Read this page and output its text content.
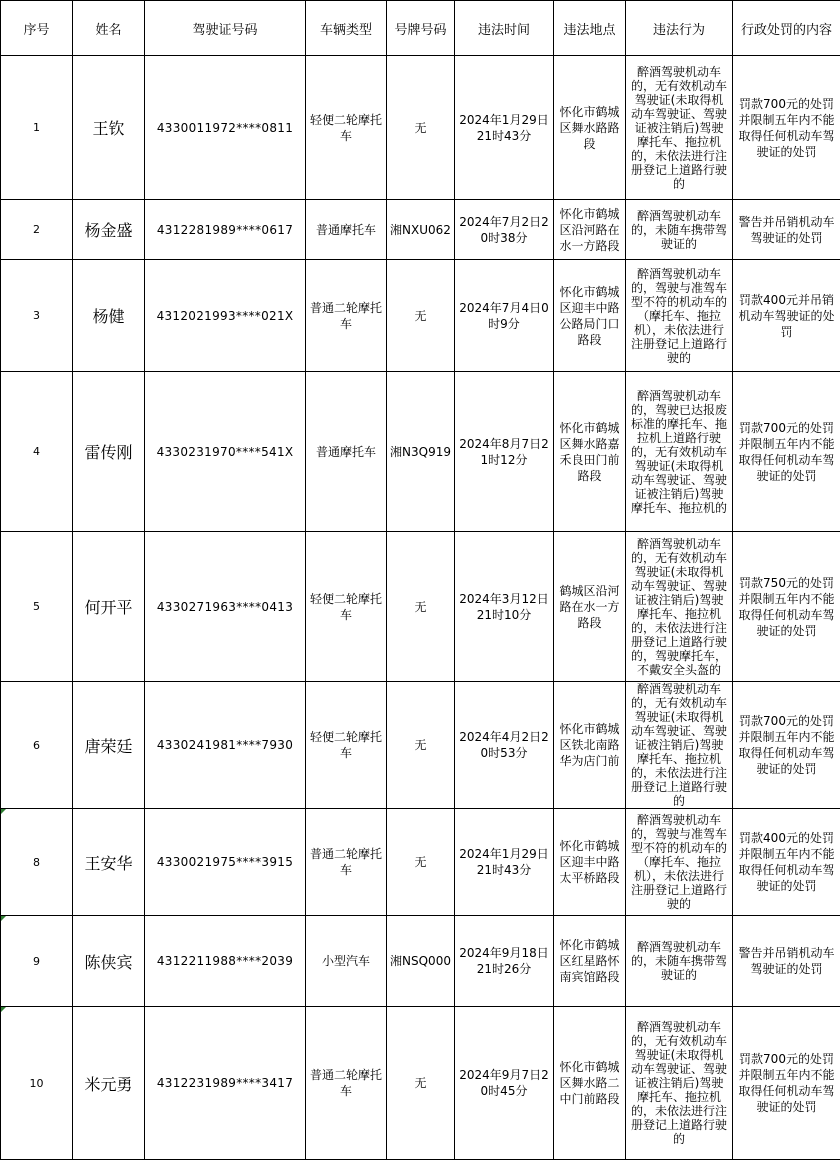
序号	姓名	驾驶证号码	车辆类型	号牌号码	违法时间	违法地点	违法行为	行政处罚的内容

1	王钦	4330011972****0811	轻便二轮摩托车	无	2024年1月29日21时43分	怀化市鹤城区舞水路路段	醉酒驾驶机动车的，无有效机动车驾驶证(未取得机动车驾驶证、驾驶证被注销后)驾驶摩托车、拖拉机的，未依法进行注册登记上道路行驶的	罚款700元的处罚并限制五年内不能取得任何机动车驾驶证的处罚

2	杨金盛	4312281989****0617	普通摩托车	湘NXU062	2024年7月2日20时38分	怀化市鹤城区沿河路在水一方路段	醉酒驾驶机动车的，未随车携带驾驶证的	警告并吊销机动车驾驶证的处罚

3	杨健	4312021993****021X	普通二轮摩托车	无	2024年7月4日0时9分	怀化市鹤城区迎丰中路公路局门口路段	醉酒驾驶机动车的，驾驶与准驾车型不符的机动车的（摩托车、拖拉机），未依法进行注册登记上道路行驶的	罚款400元并吊销机动车驾驶证的处罚

4	雷传刚	4330231970****541X	普通摩托车	湘N3Q919	2024年8月7日21时12分	怀化市鹤城区舞水路嘉禾良田门前路段	醉酒驾驶机动车的，驾驶已达报废标准的摩托车、拖拉机上道路行驶的，无有效机动车驾驶证(未取得机动车驾驶证、驾驶证被注销后)驾驶摩托车、拖拉机的	罚款700元的处罚并限制五年内不能取得任何机动车驾驶证的处罚

5	何开平	4330271963****0413	轻便二轮摩托车	无	2024年3月12日21时10分	鹤城区沿河路在水一方路段	醉酒驾驶机动车的，无有效机动车驾驶证(未取得机动车驾驶证、驾驶证被注销后)驾驶摩托车、拖拉机的，未依法进行注册登记上道路行驶的，驾驶摩托车，不戴安全头盔的	罚款750元的处罚并限制五年内不能取得任何机动车驾驶证的处罚

6	唐荣廷	4330241981****7930	轻便二轮摩托车	无	2024年4月2日20时53分	怀化市鹤城区铁北南路华为店门前	醉酒驾驶机动车的，无有效机动车驾驶证(未取得机动车驾驶证、驾驶证被注销后)驾驶摩托车、拖拉机的，未依法进行注册登记上道路行驶的	罚款700元的处罚并限制五年内不能取得任何机动车驾驶证的处罚

8	王安华	4330021975****3915	普通二轮摩托车	无	2024年1月29日21时43分	怀化市鹤城区迎丰中路太平桥路段	醉酒驾驶机动车的，驾驶与准驾车型不符的机动车的（摩托车、拖拉机），未依法进行注册登记上道路行驶的	罚款400元的处罚并限制五年内不能取得任何机动车驾驶证的处罚

9	陈侠宾	4312211988****2039	小型汽车	湘NSQ000	2024年9月18日21时26分	怀化市鹤城区红星路怀南宾馆路段	醉酒驾驶机动车的，未随车携带驾驶证的	警告并吊销机动车驾驶证的处罚

10	米元勇	4312231989****3417	普通二轮摩托车	无	2024年9月7日20时45分	怀化市鹤城区舞水路二中门前路段	醉酒驾驶机动车的，无有效机动车驾驶证(未取得机动车驾驶证、驾驶证被注销后)驾驶摩托车、拖拉机的，未依法进行注册登记上道路行驶的	罚款700元的处罚并限制五年内不能取得任何机动车驾驶证的处罚
